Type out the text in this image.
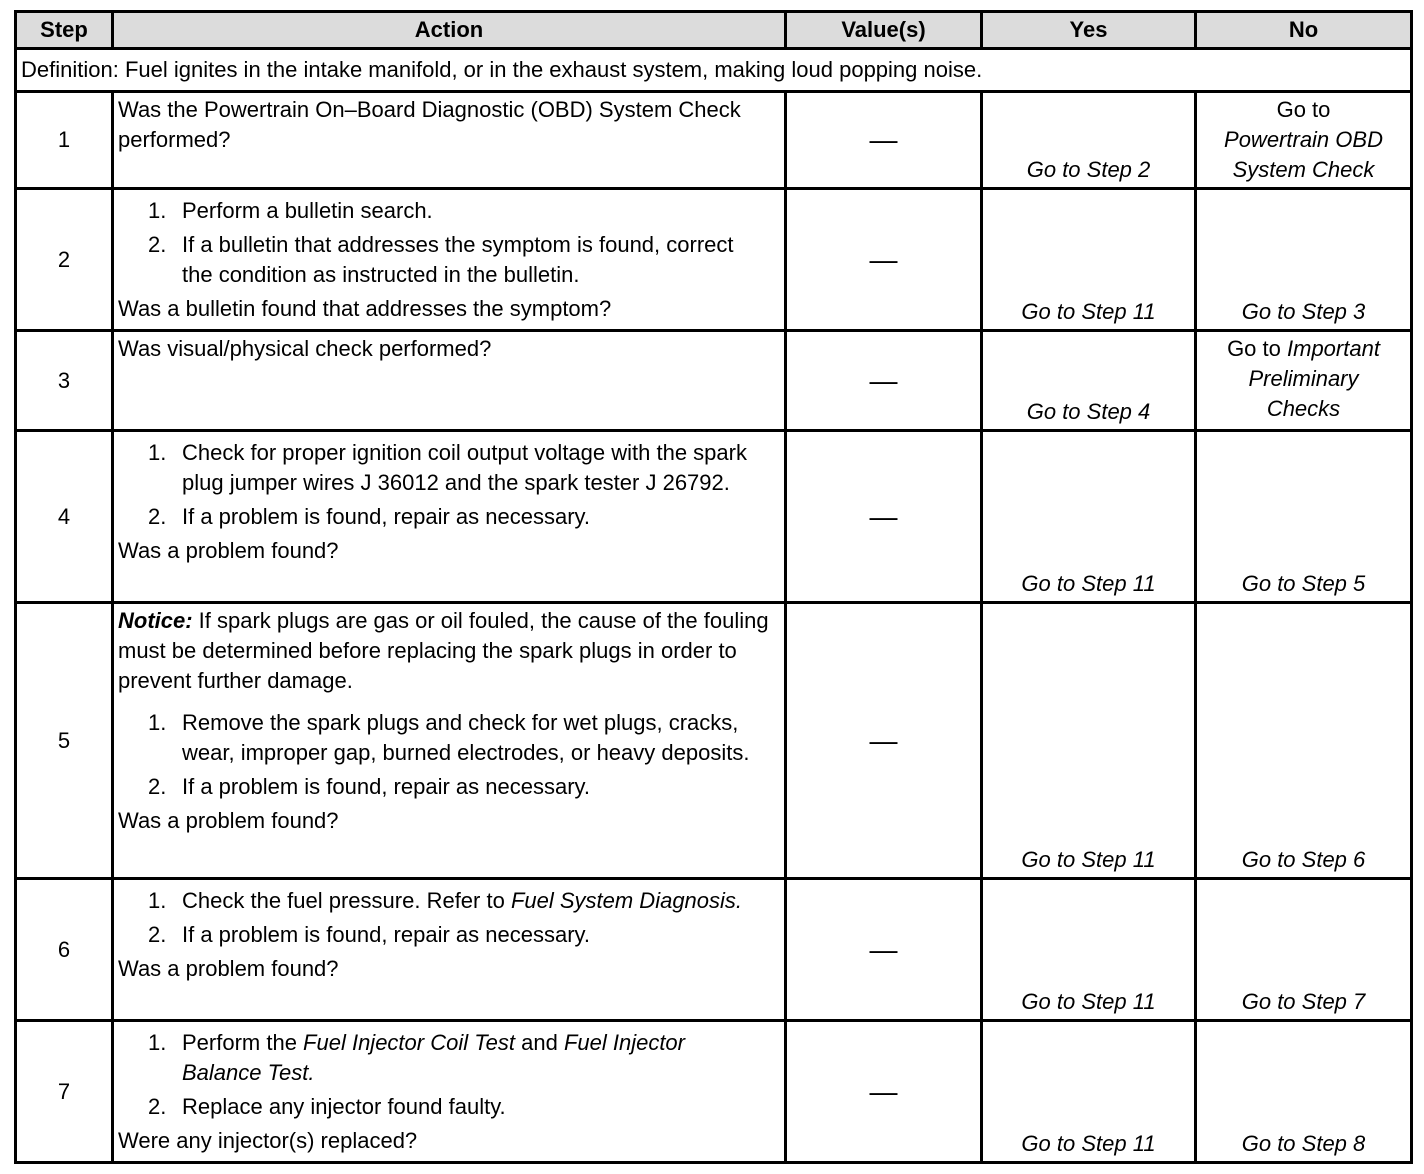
Step	Action	Value(s)	Yes	No
Definition: Fuel ignites in the intake manifold, or in the exhaust system, making loud popping noise.				
1	Was the Powertrain On–Board Diagnostic (OBD) System Check performed?	—	Go to Step 2	Go to
Powertrain OBD
System Check

2	1. Perform a bulletin search.
2. If a bulletin that addresses the symptom is found, correct the condition as instructed in the bulletin.
Was a bulletin found that addresses the symptom?	—	Go to Step 11	Go to Step 3
3	Was visual/physical check performed?	—	Go to Step 4	Go to Important
Preliminary
Checks

4	1. Check for proper ignition coil output voltage with the spark plug jumper wires J 36012 and the spark tester J 26792.
2. If a problem is found, repair as necessary.
Was a problem found?	—	Go to Step 11	Go to Step 5
5	Notice: If spark plugs are gas or oil fouled, the cause of the fouling must be determined before replacing the spark plugs in order to prevent further damage.
1. Remove the spark plugs and check for wet plugs, cracks, wear, improper gap, burned electrodes, or heavy deposits.
2. If a problem is found, repair as necessary.
Was a problem found?	—	Go to Step 11	Go to Step 6
6	1. Check the fuel pressure. Refer to Fuel System Diagnosis.
2. If a problem is found, repair as necessary.
Was a problem found?	—	Go to Step 11	Go to Step 7
7	1. Perform the Fuel Injector Coil Test and Fuel Injector Balance Test.
2. Replace any injector found faulty.
Were any injector(s) replaced?	—	Go to Step 11	Go to Step 8
